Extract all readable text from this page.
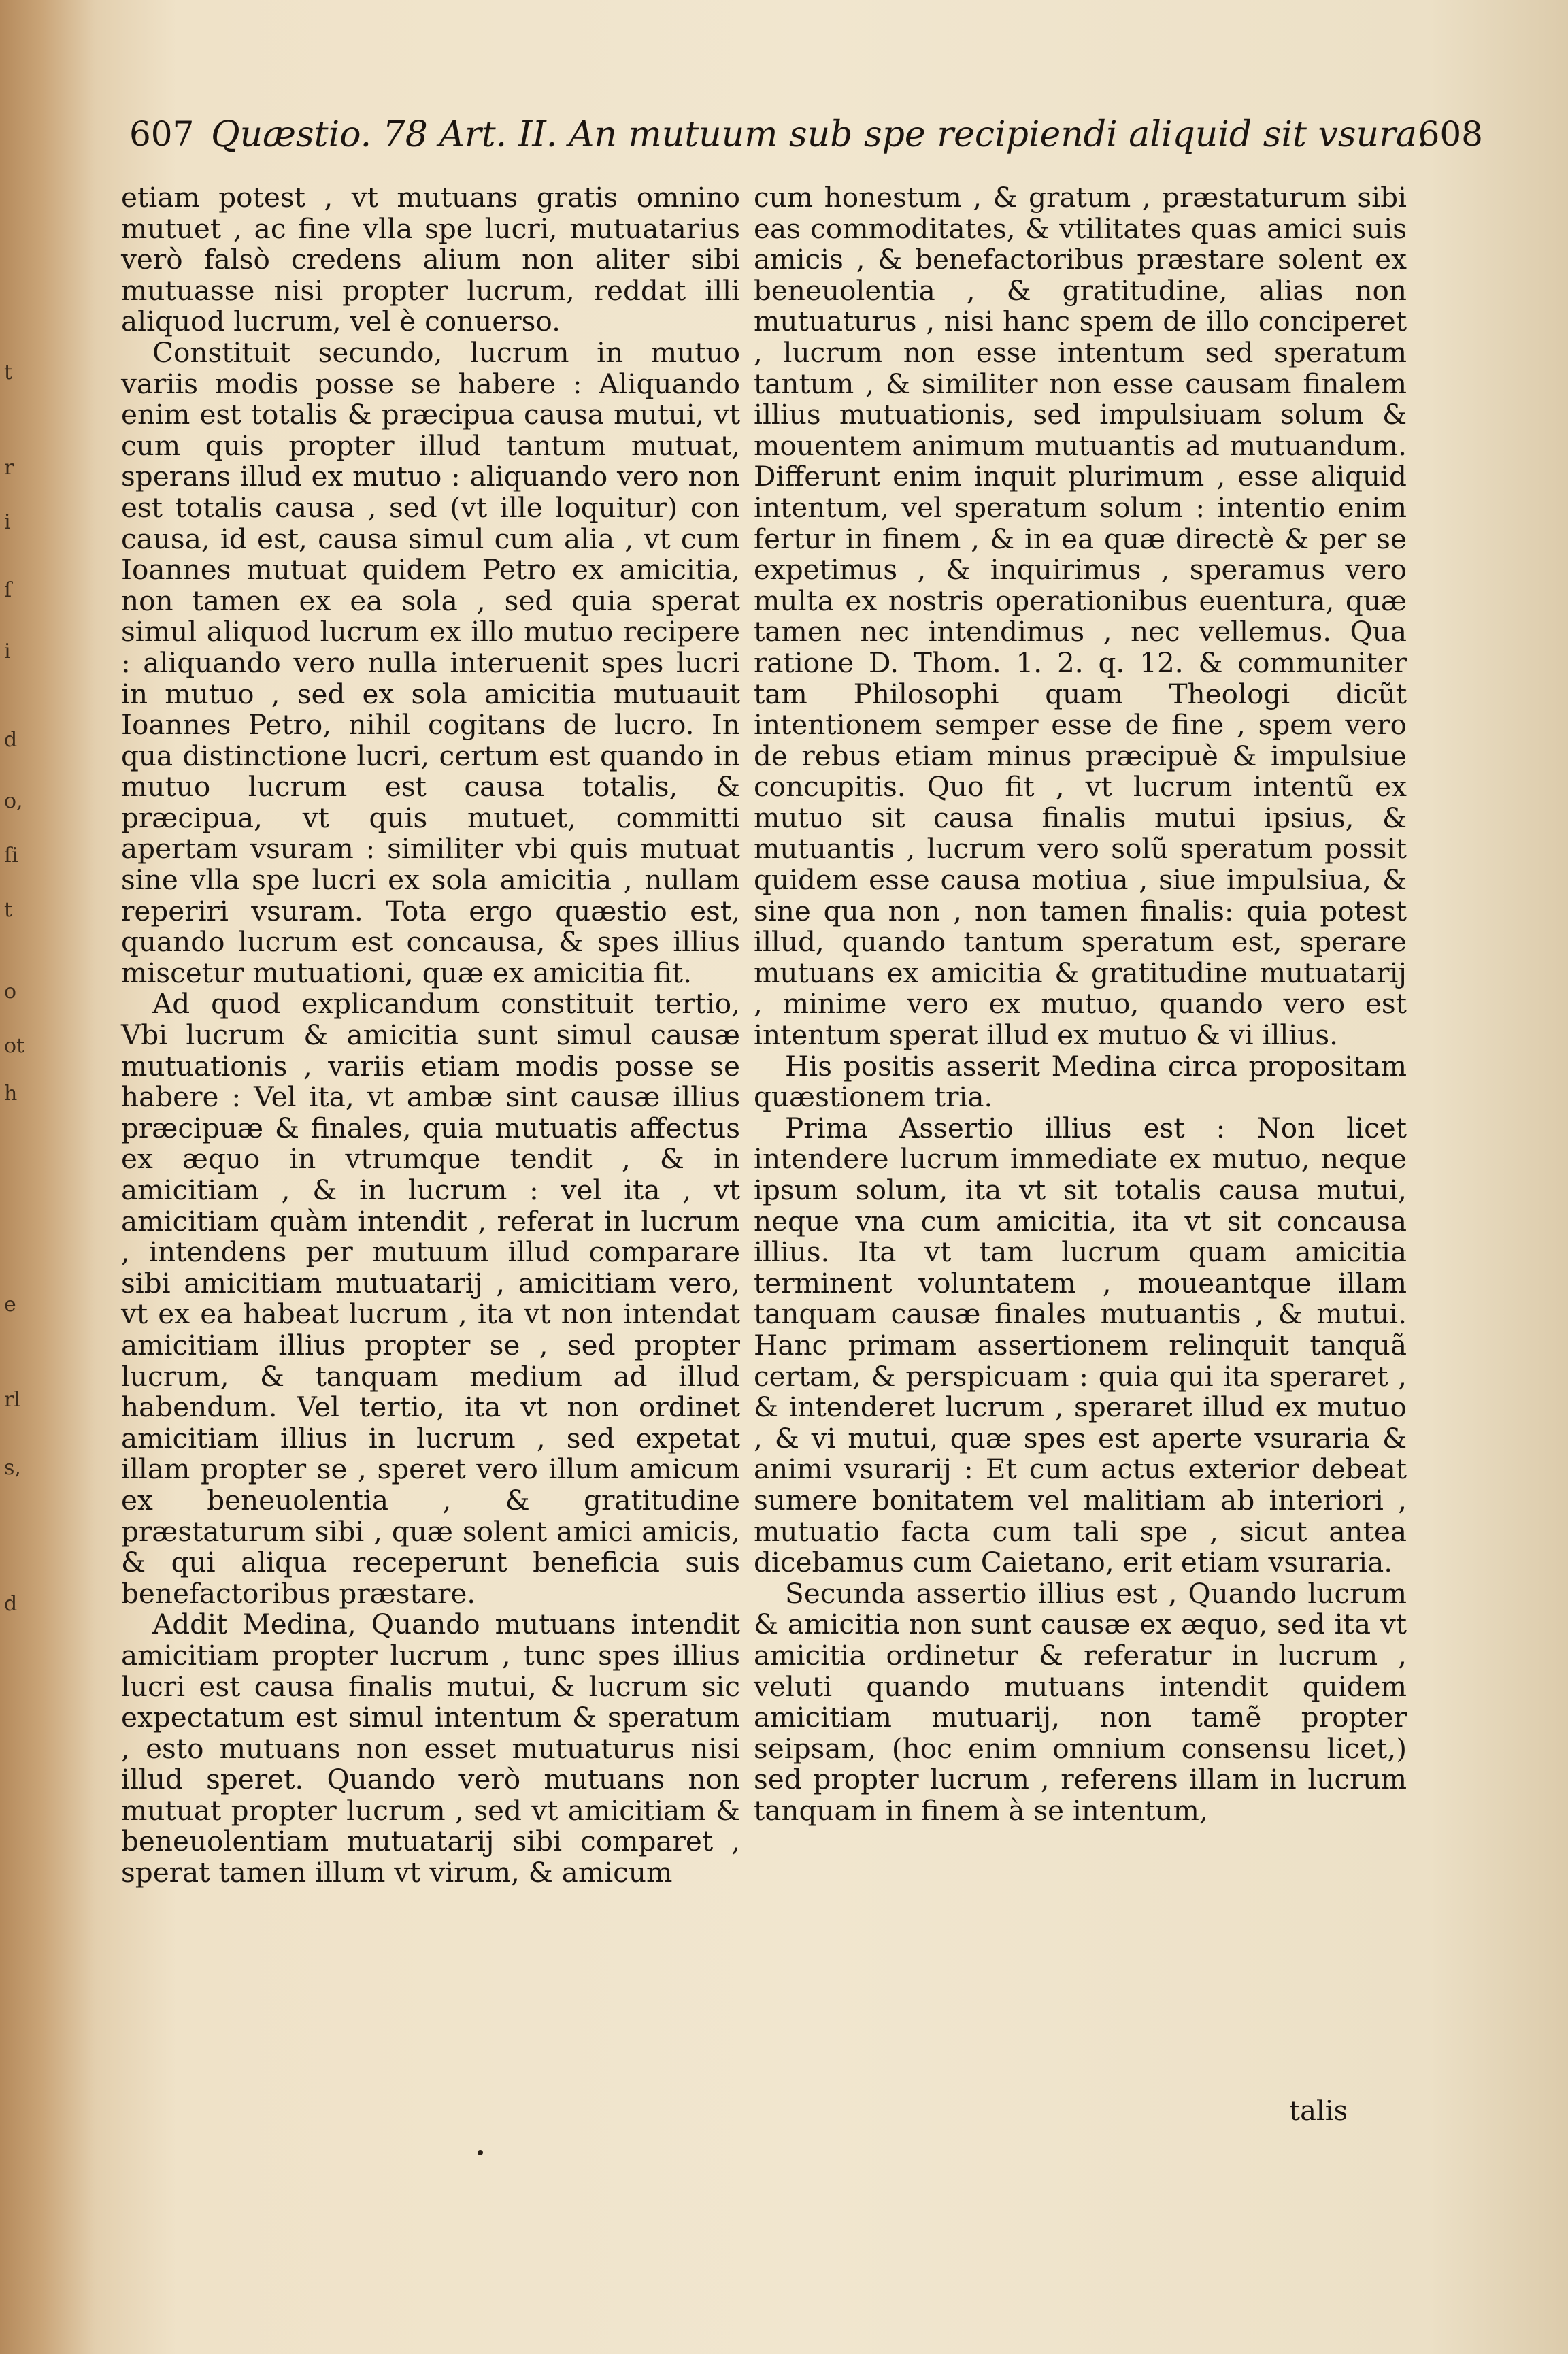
t
r
i
ſ
i
d
o,
ſi
t
o
ot
h
e
rl
s,
d
607 Quæstio. 78 Art. II. An mutuum sub spe recipiendi aliquid sit vsura.
608

etiam potest , vt mutuans gratis omnino mutuet , ac fine vlla spe lucri, mutuatarius verò falsò credens alium non aliter sibi mutuasse nisi propter lucrum, reddat illi aliquod lucrum, vel è conuerso.

Constituit secundo, lucrum in mutuo variis modis posse se habere : Aliquando enim est totalis & præcipua causa mutui, vt cum quis propter illud tantum mutuat, sperans illud ex mutuo : aliquando vero non est totalis causa , sed (vt ille loquitur) con causa, id est, causa simul cum alia , vt cum Ioannes mutuat quidem Petro ex amicitia, non tamen ex ea sola , sed quia sperat simul aliquod lucrum ex illo mutuo recipere : aliquando vero nulla interuenit spes lucri in mutuo , sed ex sola amicitia mutuauit Ioannes Petro, nihil cogitans de lucro. In qua distinctione lucri, certum est quando in mutuo lucrum est causa totalis, & præcipua, vt quis mutuet, committi apertam vsuram : similiter vbi quis mutuat sine vlla spe lucri ex sola amicitia , nullam reperiri vsuram. Tota ergo quæstio est, quando lucrum est concausa, & spes illius miscetur mutuationi, quæ ex amicitia fit.

Ad quod explicandum constituit tertio, Vbi lucrum & amicitia sunt simul causæ mutuationis , variis etiam modis posse se habere : Vel ita, vt ambæ sint causæ illius præcipuæ & finales, quia mutuatis affectus ex æquo in vtrumque tendit , & in amicitiam , & in lucrum : vel ita , vt amicitiam quàm intendit , referat in lucrum , intendens per mutuum illud comparare sibi amicitiam mutuatarij , amicitiam vero, vt ex ea habeat lucrum , ita vt non intendat amicitiam illius propter se , sed propter lucrum, & tanquam medium ad illud habendum. Vel tertio, ita vt non ordinet amicitiam illius in lucrum , sed expetat illam propter se , speret vero illum amicum ex beneuolentia , & gratitudine præstaturum sibi , quæ solent amici amicis, & qui aliqua receperunt beneficia suis benefactoribus præstare.

Addit Medina, Quando mutuans intendit amicitiam propter lucrum , tunc spes illius lucri est causa finalis mutui, & lucrum sic expectatum est simul intentum & speratum , esto mutuans non esset mutuaturus nisi illud speret. Quando verò mutuans non mutuat propter lucrum , sed vt amicitiam & beneuolentiam mutuatarij sibi comparet , sperat tamen illum vt virum, & amicum

cum honestum , & gratum , præstaturum sibi eas commoditates, & vtilitates quas amici suis amicis , & benefactoribus præstare solent ex beneuolentia , & gratitudine, alias non mutuaturus , nisi hanc spem de illo conciperet , lucrum non esse intentum sed speratum tantum , & similiter non esse causam finalem illius mutuationis, sed impulsiuam solum & mouentem animum mutuantis ad mutuandum. Differunt enim inquit plurimum , esse aliquid intentum, vel speratum solum : intentio enim fertur in finem , & in ea quæ directè & per se expetimus , & inquirimus , speramus vero multa ex nostris operationibus euentura, quæ tamen nec intendimus , nec vellemus. Qua ratione D. Thom. 1. 2. q. 12. & communiter tam Philosophi quam Theologi dicũt intentionem semper esse de fine , spem vero de rebus etiam minus præcipuè & impulsiue concupitis. Quo fit , vt lucrum intentũ ex mutuo sit causa finalis mutui ipsius, & mutuantis , lucrum vero solũ speratum possit quidem esse causa motiua , siue impulsiua, & sine qua non , non tamen finalis: quia potest illud, quando tantum speratum est, sperare mutuans ex amicitia & gratitudine mutuatarij , minime vero ex mutuo, quando vero est intentum sperat illud ex mutuo & vi illius.

His positis asserit Medina circa propositam quæstionem tria.

Prima Assertio illius est : Non licet intendere lucrum immediate ex mutuo, neque ipsum solum, ita vt sit totalis causa mutui, neque vna cum amicitia, ita vt sit concausa illius. Ita vt tam lucrum quam amicitia terminent voluntatem , moueantque illam tanquam causæ finales mutuantis , & mutui. Hanc primam assertionem relinquit tanquã certam, & perspicuam : quia qui ita speraret , & intenderet lucrum , speraret illud ex mutuo , & vi mutui, quæ spes est aperte vsuraria & animi vsurarij : Et cum actus exterior debeat sumere bonitatem vel malitiam ab interiori , mutuatio facta cum tali spe , sicut antea dicebamus cum Caietano, erit etiam vsuraria.

Secunda assertio illius est , Quando lucrum & amicitia non sunt causæ ex æquo, sed ita vt amicitia ordinetur & referatur in lucrum , veluti quando mutuans intendit quidem amicitiam mutuarij, non tamẽ propter seipsam, (hoc enim omnium consensu licet,) sed propter lucrum , referens illam in lucrum tanquam in finem à se intentum,

talis
